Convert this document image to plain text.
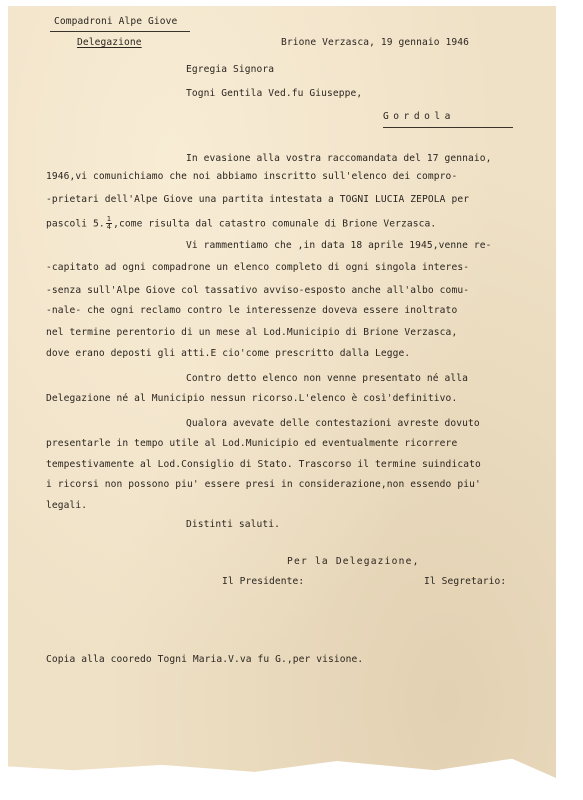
Compadroni Alpe Giove
Delegazione	Brione Verzasca, 19 gennaio 1946
Egregia Signora
Togni Gentila Ved.fu Giuseppe,
Gordola
In evasione alla vostra raccomandata del 17 gennaio,
1946,vi comunichiamo che noi abbiamo inscritto sull'elenco dei compro-
-prietari dell'Alpe Giove una partita intestata a TOGNI LUCIA ZEPOLA per
pascoli 5. $\frac{1}{4}$ ,come risulta dal catastro comunale di Brione Verzasca.
Vi rammentiamo che ,in data 18 aprile 1945,venne re-
-capitato ad ogni compadrone un elenco completo di ogni singola interes-
-senza sull'Alpe Giove col tassativo avviso-esposto anche all'albo comu-
-nale- che ogni reclamo contro le interessenze doveva essere inoltrato
nel termine perentorio di un mese al Lod.Municipio di Brione Verzasca,
dove erano deposti gli atti.E cio'come prescritto dalla Legge.
Contro detto elenco non venne presentato né alla
Delegazione né al Municipio nessun ricorso.L'elenco è così'definitivo.
Qualora avevate delle contestazioni avreste dovuto
presentarle in tempo utile al Lod.Municipio ed eventualmente ricorrere
tempestivamente al Lod.Consiglio di Stato. Trascorso il termine suindicato
i ricorsi non possono piu' essere presi in considerazione,non essendo piu'
legali.
Distinti saluti.
Per la Delegazione,
Il Presidente:	Il Segretario:
Copia alla cooredo Togni Maria.V.va fu G.,per visione.
